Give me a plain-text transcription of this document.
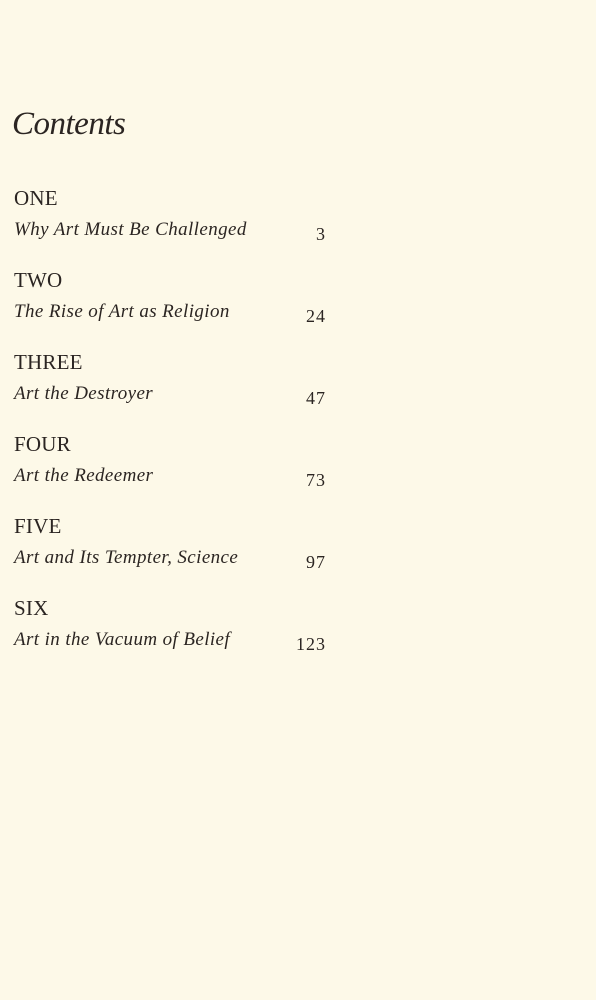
Contents
ONE
Why Art Must Be Challenged	3
TWO
The Rise of Art as Religion	24
THREE
Art the Destroyer	47
FOUR
Art the Redeemer	73
FIVE
Art and Its Tempter, Science	97
SIX
Art in the Vacuum of Belief	123
